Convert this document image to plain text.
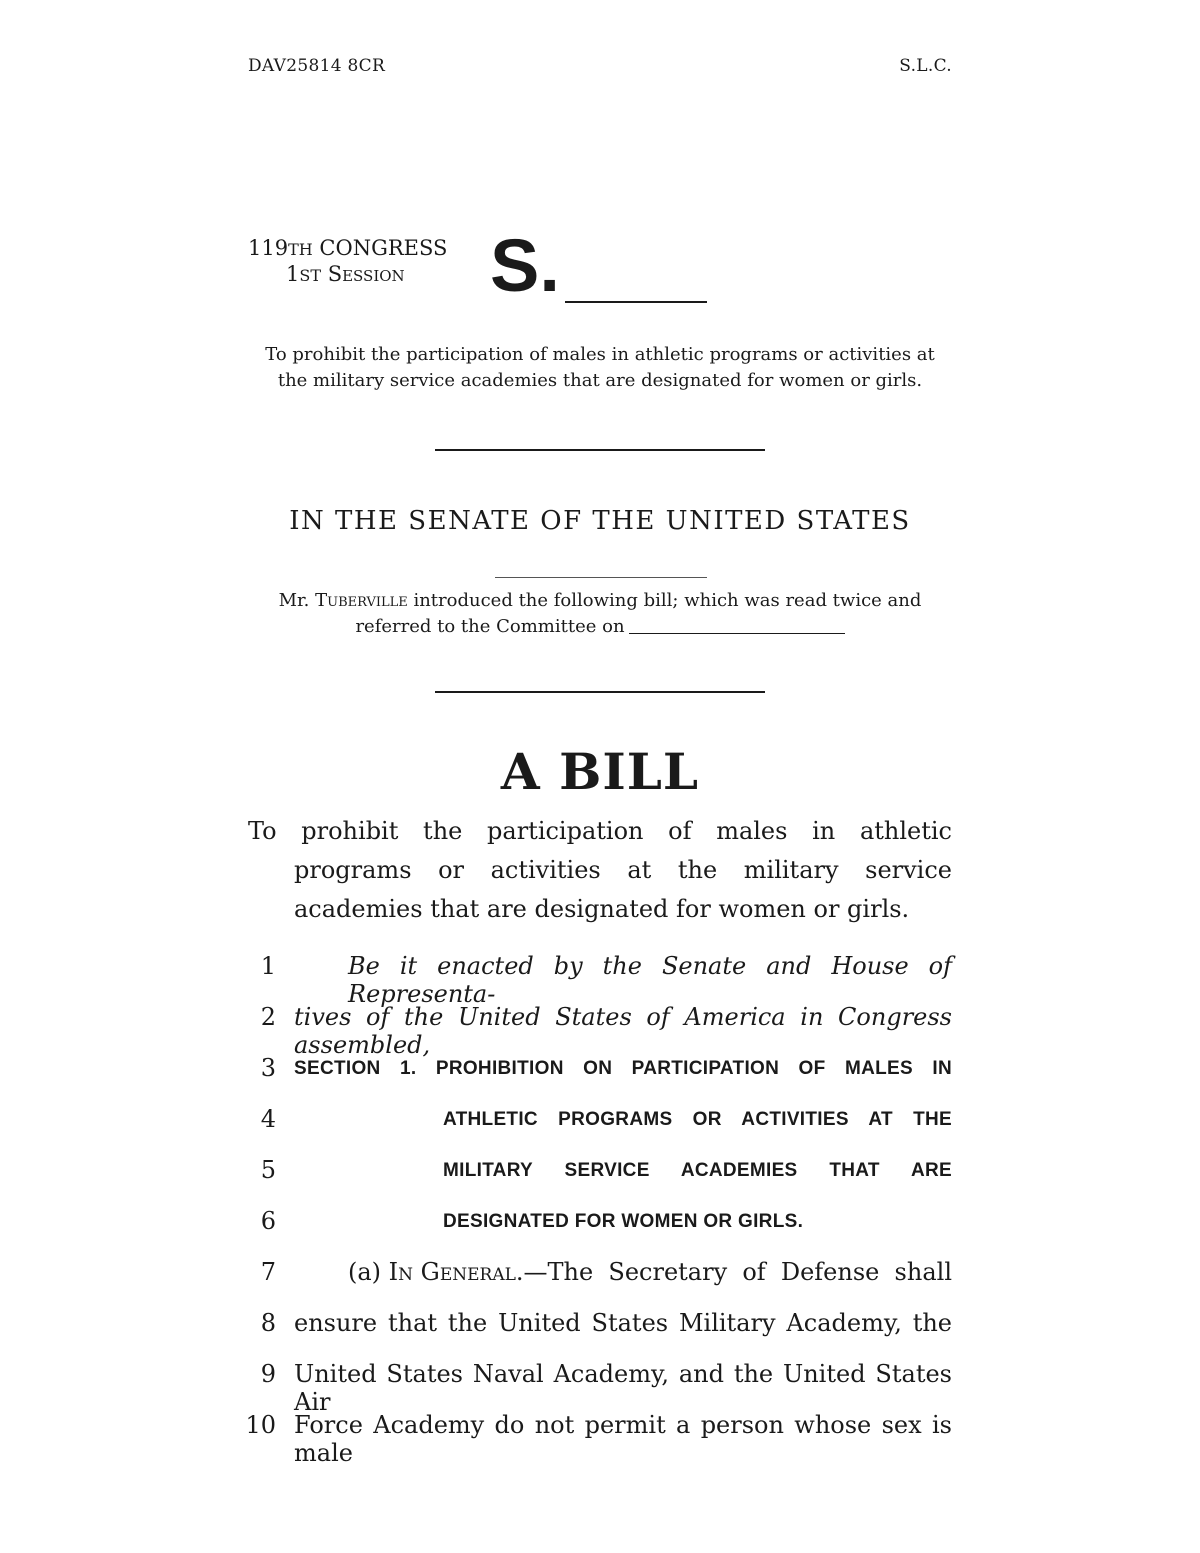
DAV25814 8CR	S.L.C.
119TH CONGRESS
1ST Session	S.
To prohibit the participation of males in athletic programs or activities at the military service academies that are designated for women or girls.
IN THE SENATE OF THE UNITED STATES
Mr. Tuberville introduced the following bill; which was read twice and
referred to the Committee on
A BILL
To prohibit the participation of males in athletic programs or activities at the military service academies that are designated for women or girls.
1	Be it enacted by the Senate and House of Representa-
2 tives of the United States of America in Congress assembled,
3 SECTION 1. PROHIBITION ON PARTICIPATION OF MALES IN
4	ATHLETIC PROGRAMS OR ACTIVITIES AT THE
5	MILITARY SERVICE ACADEMIES THAT ARE
6	DESIGNATED FOR WOMEN OR GIRLS.
7	(a) In General .—The Secretary of Defense shall
8 ensure that the United States Military Academy, the
9 United States Naval Academy, and the United States Air
10 Force Academy do not permit a person whose sex is male
